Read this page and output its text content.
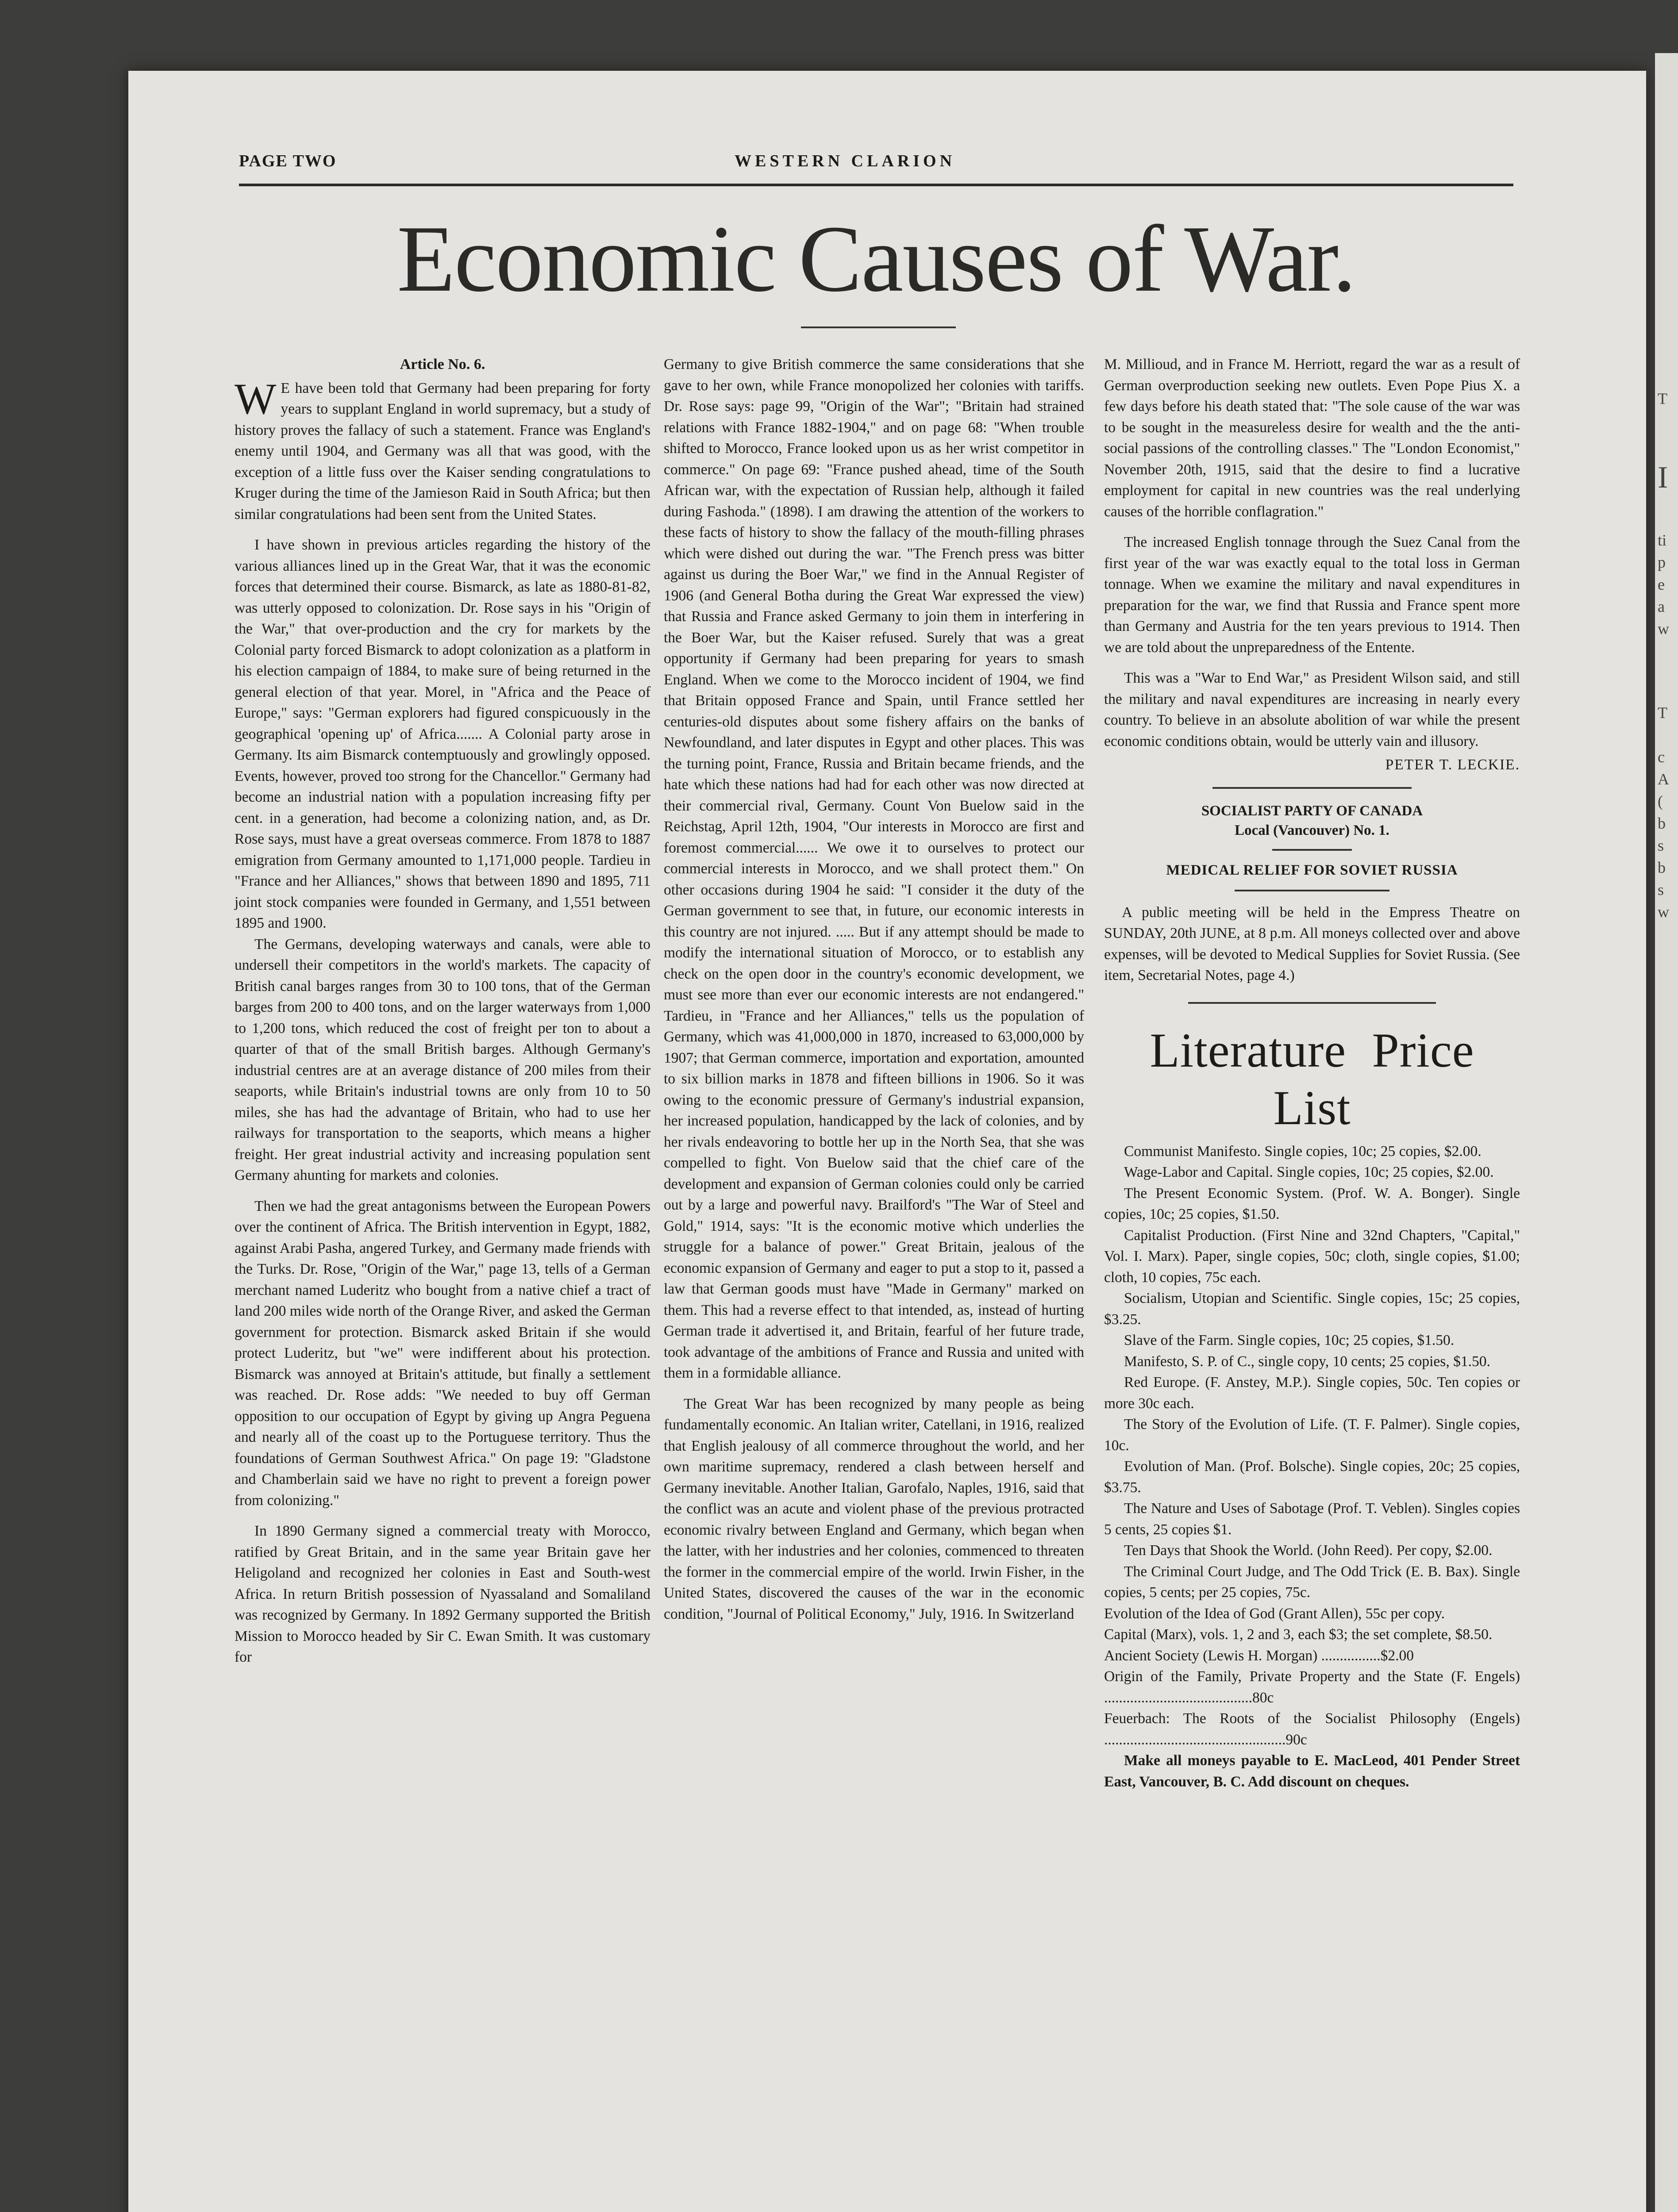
T
I
ti
p
e
a
w
T
c
A
(
b
s
b
s
w
PAGE TWO	WESTERN CLARION
Economic Causes of War.
Article No. 6.

W E have been told that Germany had been preparing for forty years to supplant England in world supremacy, but a study of history proves the fallacy of such a statement. France was England's enemy until 1904, and Germany was all that was good, with the exception of a little fuss over the Kaiser sending congratulations to Kruger during the time of the Jamieson Raid in South Africa; but then similar congratulations had been sent from the United States.

I have shown in previous articles regarding the history of the various alliances lined up in the Great War, that it was the economic forces that determined their course. Bismarck, as late as 1880-81-82, was utterly opposed to colonization. Dr. Rose says in his "Origin of the War," that over-production and the cry for markets by the Colonial party forced Bismarck to adopt colonization as a platform in his election campaign of 1884, to make sure of being returned in the general election of that year. Morel, in "Africa and the Peace of Europe," says: "German explorers had figured conspicuously in the geographical 'opening up' of Africa....... A Colonial party arose in Germany. Its aim Bismarck contemptuously and growlingly opposed. Events, however, proved too strong for the Chancellor." Germany had become an industrial nation with a population increasing fifty per cent. in a generation, had become a colonizing nation, and, as Dr. Rose says, must have a great overseas commerce. From 1878 to 1887 emigration from Germany amounted to 1,171,000 people. Tardieu in "France and her Alliances," shows that between 1890 and 1895, 711 joint stock companies were founded in Germany, and 1,551 between 1895 and 1900.

The Germans, developing waterways and canals, were able to undersell their competitors in the world's markets. The capacity of British canal barges ranges from 30 to 100 tons, that of the German barges from 200 to 400 tons, and on the larger waterways from 1,000 to 1,200 tons, which reduced the cost of freight per ton to about a quarter of that of the small British barges. Although Germany's industrial centres are at an average distance of 200 miles from their seaports, while Britain's industrial towns are only from 10 to 50 miles, she has had the advantage of Britain, who had to use her railways for transportation to the seaports, which means a higher freight. Her great industrial activity and increasing population sent Germany ahunting for markets and colonies.

Then we had the great antagonisms between the European Powers over the continent of Africa. The British intervention in Egypt, 1882, against Arabi Pasha, angered Turkey, and Germany made friends with the Turks. Dr. Rose, "Origin of the War," page 13, tells of a German merchant named Luderitz who bought from a native chief a tract of land 200 miles wide north of the Orange River, and asked the German government for protection. Bismarck asked Britain if she would protect Luderitz, but "we" were indifferent about his protection. Bismarck was annoyed at Britain's attitude, but finally a settlement was reached. Dr. Rose adds: "We needed to buy off German opposition to our occupation of Egypt by giving up Angra Peguena and nearly all of the coast up to the Portuguese territory. Thus the foundations of German Southwest Africa." On page 19: "Gladstone and Chamberlain said we have no right to prevent a foreign power from colonizing."

In 1890 Germany signed a commercial treaty with Morocco, ratified by Great Britain, and in the same year Britain gave her Heligoland and recognized her colonies in East and South-west Africa. In return British possession of Nyassaland and Somaliland was recognized by Germany. In 1892 Germany supported the British Mission to Morocco headed by Sir C. Ewan Smith. It was customary for

Germany to give British commerce the same considerations that she gave to her own, while France monopolized her colonies with tariffs. Dr. Rose says: page 99, "Origin of the War"; "Britain had strained relations with France 1882-1904," and on page 68: "When trouble shifted to Morocco, France looked upon us as her wrist competitor in commerce." On page 69: "France pushed ahead, time of the South African war, with the expectation of Russian help, although it failed during Fashoda." (1898). I am drawing the attention of the workers to these facts of history to show the fallacy of the mouth-filling phrases which were dished out during the war. "The French press was bitter against us during the Boer War," we find in the Annual Register of 1906 (and General Botha during the Great War expressed the view) that Russia and France asked Germany to join them in interfering in the Boer War, but the Kaiser refused. Surely that was a great opportunity if Germany had been preparing for years to smash England. When we come to the Morocco incident of 1904, we find that Britain opposed France and Spain, until France settled her centuries-old disputes about some fishery affairs on the banks of Newfoundland, and later disputes in Egypt and other places. This was the turning point, France, Russia and Britain became friends, and the hate which these nations had had for each other was now directed at their commercial rival, Germany. Count Von Buelow said in the Reichstag, April 12th, 1904, "Our interests in Morocco are first and foremost commercial...... We owe it to ourselves to protect our commercial interests in Morocco, and we shall protect them." On other occasions during 1904 he said: "I consider it the duty of the German government to see that, in future, our economic interests in this country are not injured. ..... But if any attempt should be made to modify the international situation of Morocco, or to establish any check on the open door in the country's economic development, we must see more than ever our economic interests are not endangered." Tardieu, in "France and her Alliances," tells us the population of Germany, which was 41,000,000 in 1870, increased to 63,000,000 by 1907; that German commerce, importation and exportation, amounted to six billion marks in 1878 and fifteen billions in 1906. So it was owing to the economic pressure of Germany's industrial expansion, her increased population, handicapped by the lack of colonies, and by her rivals endeavoring to bottle her up in the North Sea, that she was compelled to fight. Von Buelow said that the chief care of the development and expansion of German colonies could only be carried out by a large and powerful navy. Brailford's "The War of Steel and Gold," 1914, says: "It is the economic motive which underlies the struggle for a balance of power." Great Britain, jealous of the economic expansion of Germany and eager to put a stop to it, passed a law that German goods must have "Made in Germany" marked on them. This had a reverse effect to that intended, as, instead of hurting German trade it advertised it, and Britain, fearful of her future trade, took advantage of the ambitions of France and Russia and united with them in a formidable alliance.

The Great War has been recognized by many people as being fundamentally economic. An Italian writer, Catellani, in 1916, realized that English jealousy of all commerce throughout the world, and her own maritime supremacy, rendered a clash between herself and Germany inevitable. Another Italian, Garofalo, Naples, 1916, said that the conflict was an acute and violent phase of the previous protracted economic rivalry between England and Germany, which began when the latter, with her industries and her colonies, commenced to threaten the former in the commercial empire of the world. Irwin Fisher, in the United States, discovered the causes of the war in the economic condition, "Journal of Political Economy," July, 1916. In Switzerland

M. Millioud, and in France M. Herriott, regard the war as a result of German overproduction seeking new outlets. Even Pope Pius X. a few days before his death stated that: "The sole cause of the war was to be sought in the measureless desire for wealth and the the anti-social passions of the controlling classes." The "London Economist," November 20th, 1915, said that the desire to find a lucrative employment for capital in new countries was the real underlying causes of the horrible conflagration."

The increased English tonnage through the Suez Canal from the first year of the war was exactly equal to the total loss in German tonnage. When we examine the military and naval expenditures in preparation for the war, we find that Russia and France spent more than Germany and Austria for the ten years previous to 1914. Then we are told about the unpreparedness of the Entente.

This was a "War to End War," as President Wilson said, and still the military and naval expenditures are increasing in nearly every country. To believe in an absolute abolition of war while the present economic conditions obtain, would be utterly vain and illusory.

PETER T. LECKIE.
SOCIALIST PARTY OF CANADA
Local (Vancouver) No. 1.
MEDICAL RELIEF FOR SOVIET RUSSIA

A public meeting will be held in the Empress Theatre on SUNDAY, 20th JUNE, at 8 p.m. All moneys collected over and above expenses, will be devoted to Medical Supplies for Soviet Russia. (See item, Secretarial Notes, page 4.)

Literature Price List

Communist Manifesto. Single copies, 10c; 25 copies, $2.00.

Wage-Labor and Capital. Single copies, 10c; 25 copies, $2.00.

The Present Economic System. (Prof. W. A. Bonger). Single copies, 10c; 25 copies, $1.50.

Capitalist Production. (First Nine and 32nd Chapters, "Capital," Vol. I. Marx). Paper, single copies, 50c; cloth, single copies, $1.00; cloth, 10 copies, 75c each.

Socialism, Utopian and Scientific. Single copies, 15c; 25 copies, $3.25.

Slave of the Farm. Single copies, 10c; 25 copies, $1.50.

Manifesto, S. P. of C., single copy, 10 cents; 25 copies, $1.50.

Red Europe. (F. Anstey, M.P.). Single copies, 50c. Ten copies or more 30c each.

The Story of the Evolution of Life. (T. F. Palmer). Single copies, 10c.

Evolution of Man. (Prof. Bolsche). Single copies, 20c; 25 copies, $3.75.

The Nature and Uses of Sabotage (Prof. T. Veblen). Singles copies 5 cents, 25 copies $1.

Ten Days that Shook the World. (John Reed). Per copy, $2.00.

The Criminal Court Judge, and The Odd Trick (E. B. Bax). Single copies, 5 cents; per 25 copies, 75c.

Evolution of the Idea of God (Grant Allen), 55c per copy.

Capital (Marx), vols. 1, 2 and 3, each $3; the set complete, $8.50.

Ancient Society (Lewis H. Morgan) ................$2.00

Origin of the Family, Private Property and the State (F. Engels) ........................................80c

Feuerbach: The Roots of the Socialist Philosophy (Engels) .................................................90c

Make all moneys payable to E. MacLeod, 401 Pender Street East, Vancouver, B. C. Add discount on cheques.
